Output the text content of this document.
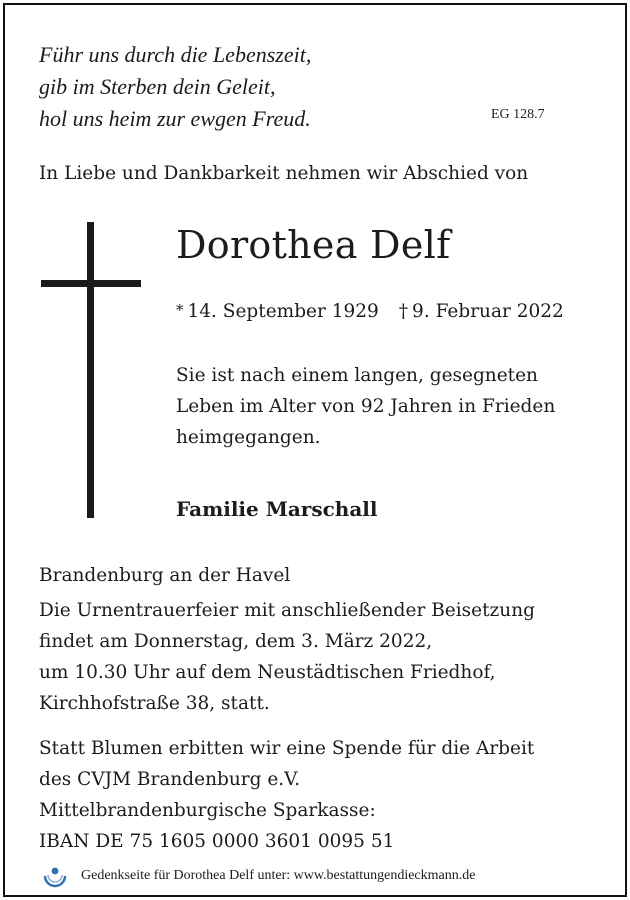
Führ uns durch die Lebenszeit,
gib im Sterben dein Geleit,
hol uns heim zur ewgen Freud.	EG 128.7
In Liebe und Dankbarkeit nehmen wir Abschied von
Dorothea Delf
* 14. September 1929 † 9. Februar 2022
Sie ist nach einem langen, gesegneten
Leben im Alter von 92 Jahren in Frieden
heimgegangen.
Familie Marschall
Brandenburg an der Havel
Die Urnentrauerfeier mit anschließender Beisetzung
findet am Donnerstag, dem 3. März 2022,
um 10.30 Uhr auf dem Neustädtischen Friedhof,
Kirchhofstraße 38, statt.
Statt Blumen erbitten wir eine Spende für die Arbeit
des CVJM Brandenburg e.V.
Mittelbrandenburgische Sparkasse:
IBAN DE 75 1605 0000 3601 0095 51
Gedenkseite für Dorothea Delf unter: www.bestattungendieckmann.de
